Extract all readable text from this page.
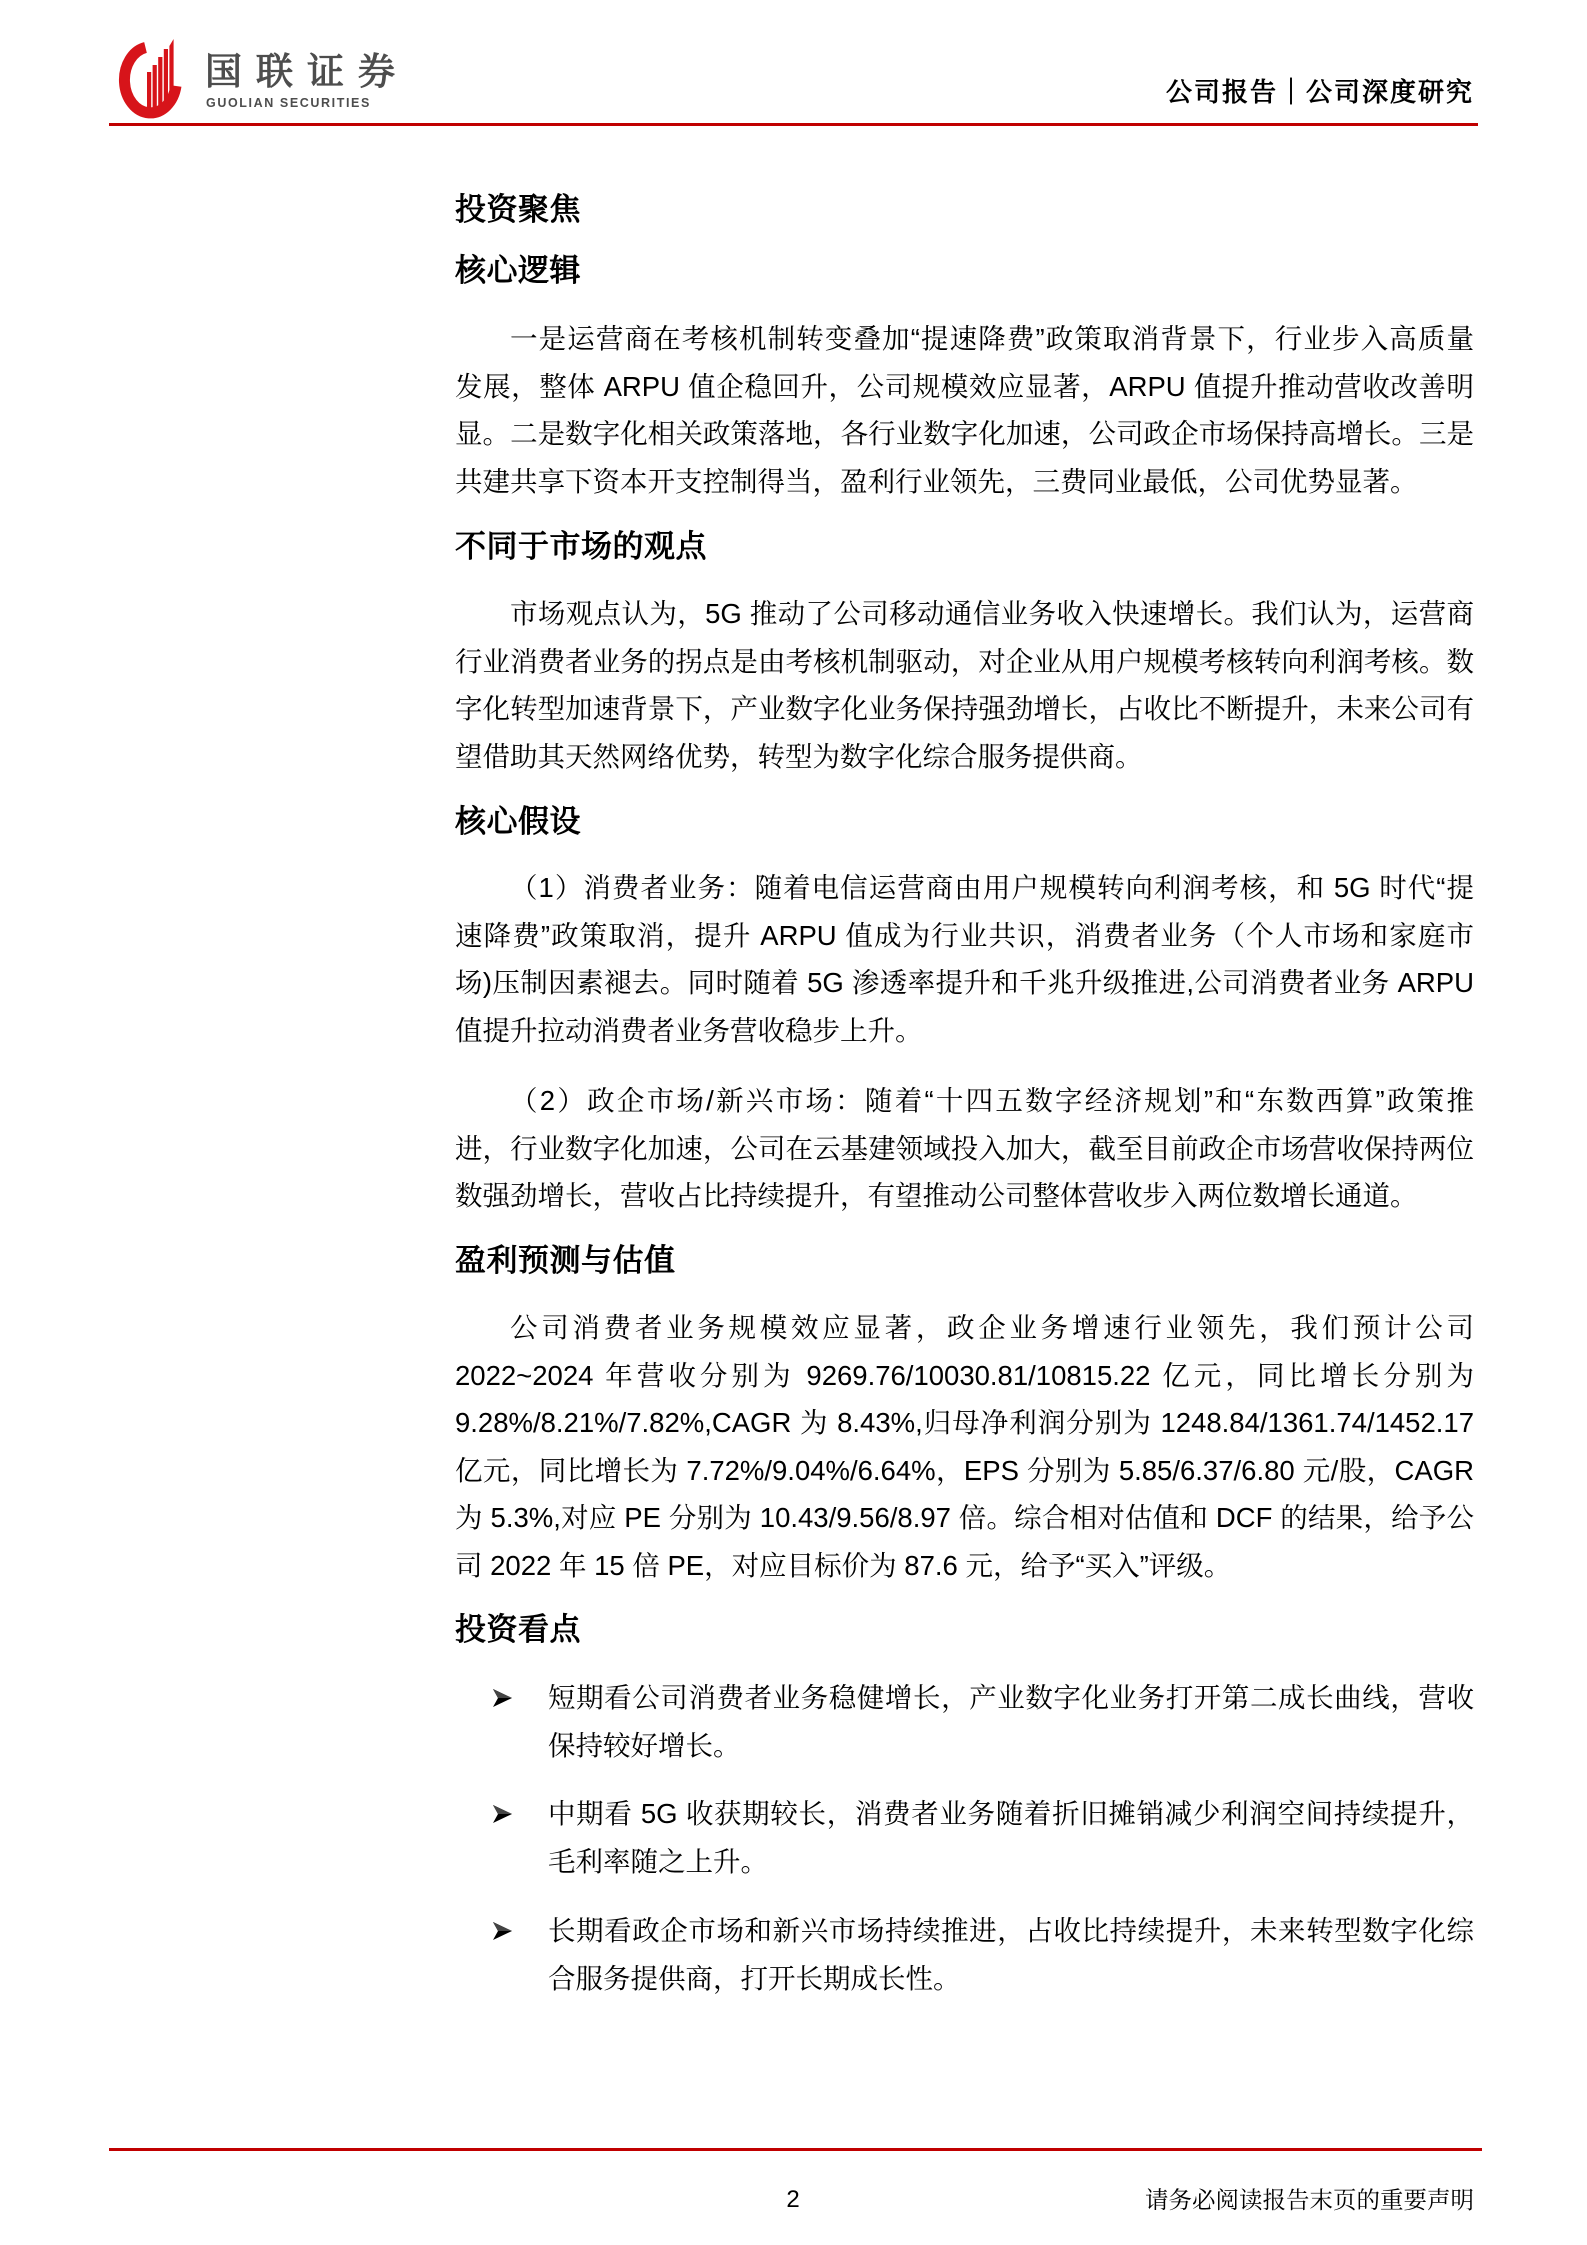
国联证券
GUOLIAN SECURITIES	公司报告｜公司深度研究
投资聚焦
核心逻辑
一是运营商在考核机制转变叠加“提速降费”政策取消背景下，行业步入高质量
发展，整体 ARPU 值企稳回升，公司规模效应显著，ARPU 值提升推动营收改善明
显。二是数字化相关政策落地，各行业数字化加速，公司政企市场保持高增长。三是
共建共享下资本开支控制得当，盈利行业领先，三费同业最低，公司优势显著。
不同于市场的观点
市场观点认为，5G 推动了公司移动通信业务收入快速增长。我们认为，运营商
行业消费者业务的拐点是由考核机制驱动，对企业从用户规模考核转向利润考核。数
字化转型加速背景下，产业数字化业务保持强劲增长，占收比不断提升，未来公司有
望借助其天然网络优势，转型为数字化综合服务提供商。
核心假设
（1）消费者业务：随着电信运营商由用户规模转向利润考核，和 5G 时代“提
速降费”政策取消，提升 ARPU 值成为行业共识，消费者业务（个人市场和家庭市
场)压制因素褪去。同时随着 5G 渗透率提升和千兆升级推进,公司消费者业务 ARPU
值提升拉动消费者业务营收稳步上升。
（2）政企市场/新兴市场：随着“十四五数字经济规划”和“东数西算”政策推
进，行业数字化加速，公司在云基建领域投入加大，截至目前政企市场营收保持两位
数强劲增长，营收占比持续提升，有望推动公司整体营收步入两位数增长通道。
盈利预测与估值
公司消费者业务规模效应显著，政企业务增速行业领先，我们预计公司
2022~2024 年营收分别为 9269.76/10030.81/10815.22 亿元，同比增长分别为
9.28%/8.21%/7.82%,CAGR 为 8.43%,归母净利润分别为 1248.84/1361.74/1452.17
亿元，同比增长为 7.72%/9.04%/6.64%，EPS 分别为 5.85/6.37/6.80 元/股，CAGR
为 5.3%,对应 PE 分别为 10.43/9.56/8.97 倍。综合相对估值和 DCF 的结果，给予公
司 2022 年 15 倍 PE，对应目标价为 87.6 元，给予“买入”评级。
投资看点
短期看公司消费者业务稳健增长，产业数字化业务打开第二成长曲线，营收
保持较好增长。
中期看 5G 收获期较长，消费者业务随着折旧摊销减少利润空间持续提升，
毛利率随之上升。
长期看政企市场和新兴市场持续推进，占收比持续提升，未来转型数字化综
合服务提供商，打开长期成长性。
2	请务必阅读报告末页的重要声明
